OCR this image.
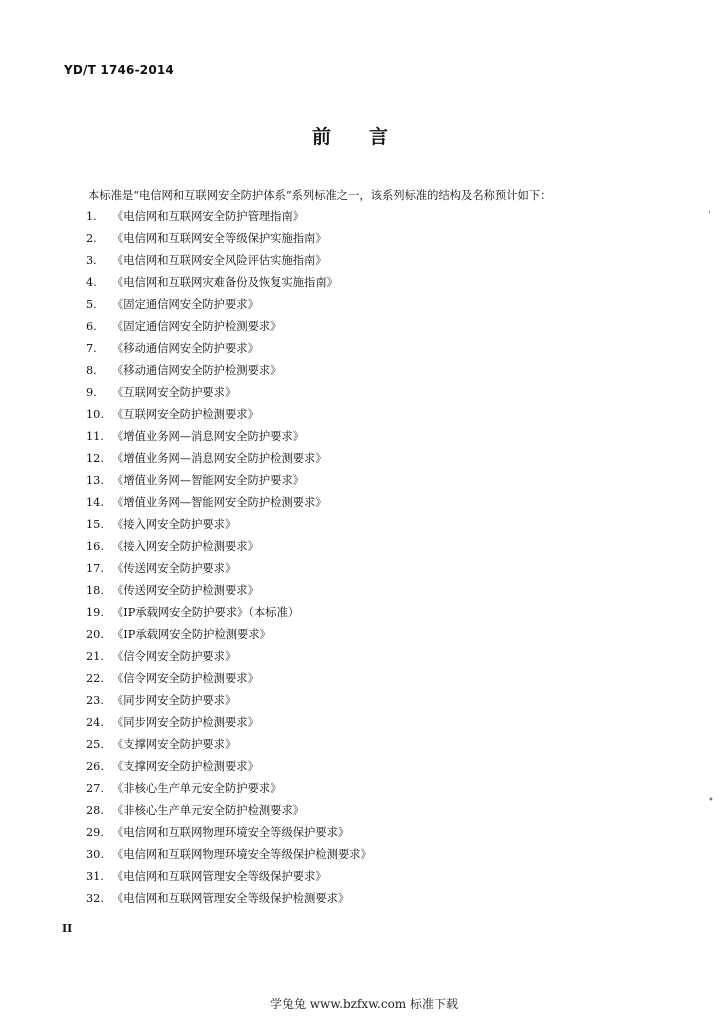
YD/T 1746-2014
前言
本标准是“电信网和互联网安全防护体系”系列标准之一，该系列标准的结构及名称预计如下：
1. 《电信网和互联网安全防护管理指南》
2. 《电信网和互联网安全等级保护实施指南》
3. 《电信网和互联网安全风险评估实施指南》
4. 《电信网和互联网灾难备份及恢复实施指南》
5. 《固定通信网安全防护要求》
6. 《固定通信网安全防护检测要求》
7. 《移动通信网安全防护要求》
8. 《移动通信网安全防护检测要求》
9. 《互联网安全防护要求》
10. 《互联网安全防护检测要求》
11. 《增值业务网—消息网安全防护要求》
12. 《增值业务网—消息网安全防护检测要求》
13. 《增值业务网—智能网安全防护要求》
14. 《增值业务网—智能网安全防护检测要求》
15. 《接入网安全防护要求》
16. 《接入网安全防护检测要求》
17. 《传送网安全防护要求》
18. 《传送网安全防护检测要求》
19. 《IP承载网安全防护要求》（本标准）
20. 《IP承载网安全防护检测要求》
21. 《信令网安全防护要求》
22. 《信令网安全防护检测要求》
23. 《同步网安全防护要求》
24. 《同步网安全防护检测要求》
25. 《支撑网安全防护要求》
26. 《支撑网安全防护检测要求》
27. 《非核心生产单元安全防护要求》
28. 《非核心生产单元安全防护检测要求》
29. 《电信网和互联网物理环境安全等级保护要求》
30. 《电信网和互联网物理环境安全等级保护检测要求》
31. 《电信网和互联网管理安全等级保护要求》
32. 《电信网和互联网管理安全等级保护检测要求》
II
学兔兔 www.bzfxw.com 标准下载
'
•
